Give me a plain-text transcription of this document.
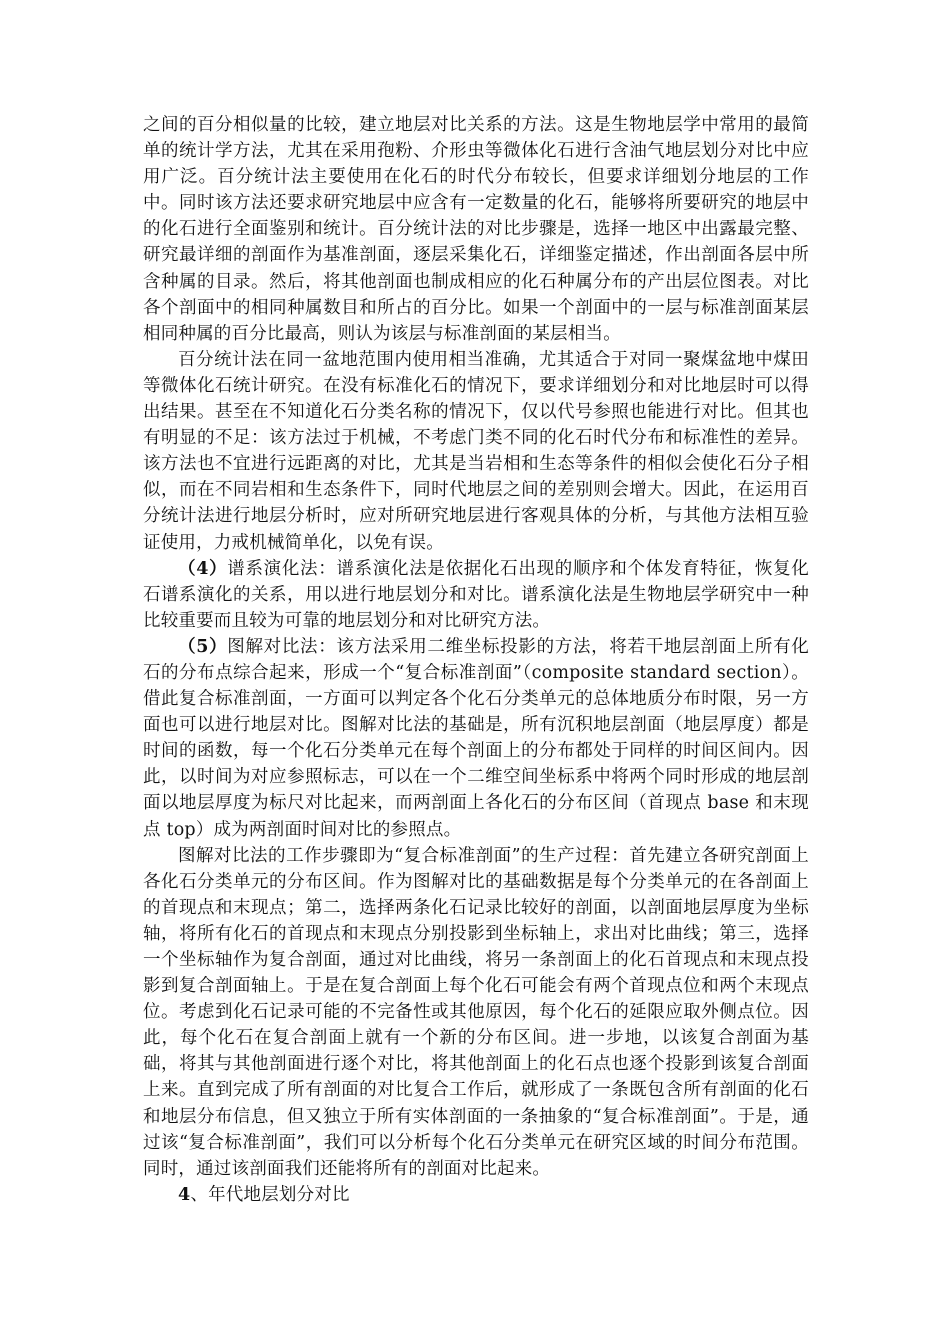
之间的百分相似量的比较，建立地层对比关系的方法。这是生物地层学中常用的最简单的统计学方法，尤其在采用孢粉、介形虫等微体化石进行含油气地层划分对比中应用广泛。百分统计法主要使用在化石的时代分布较长，但要求详细划分地层的工作中。同时该方法还要求研究地层中应含有一定数量的化石，能够将所要研究的地层中的化石进行全面鉴别和统计。百分统计法的对比步骤是，选择一地区中出露最完整、研究最详细的剖面作为基准剖面，逐层采集化石，详细鉴定描述，作出剖面各层中所含种属的目录。然后，将其他剖面也制成相应的化石种属分布的产出层位图表。对比各个剖面中的相同种属数目和所占的百分比。如果一个剖面中的一层与标准剖面某层相同种属的百分比最高，则认为该层与标准剖面的某层相当。

百分统计法在同一盆地范围内使用相当准确，尤其适合于对同一聚煤盆地中煤田等微体化石统计研究。在没有标准化石的情况下，要求详细划分和对比地层时可以得出结果。甚至在不知道化石分类名称的情况下，仅以代号参照也能进行对比。但其也有明显的不足：该方法过于机械，不考虑门类不同的化石时代分布和标准性的差异。该方法也不宜进行远距离的对比，尤其是当岩相和生态等条件的相似会使化石分子相似，而在不同岩相和生态条件下，同时代地层之间的差别则会增大。因此，在运用百分统计法进行地层分析时，应对所研究地层进行客观具体的分析，与其他方法相互验证使用，力戒机械简单化，以免有误。

（4）谱系演化法：谱系演化法是依据化石出现的顺序和个体发育特征，恢复化石谱系演化的关系，用以进行地层划分和对比。谱系演化法是生物地层学研究中一种比较重要而且较为可靠的地层划分和对比研究方法。

（5）图解对比法：该方法采用二维坐标投影的方法，将若干地层剖面上所有化石的分布点综合起来，形成一个“复合标准剖面”（composite standard section）。借此复合标准剖面，一方面可以判定各个化石分类单元的总体地质分布时限，另一方面也可以进行地层对比。图解对比法的基础是，所有沉积地层剖面（地层厚度）都是时间的函数，每一个化石分类单元在每个剖面上的分布都处于同样的时间区间内。因此，以时间为对应参照标志，可以在一个二维空间坐标系中将两个同时形成的地层剖面以地层厚度为标尺对比起来，而两剖面上各化石的分布区间（首现点 base 和末现点 top）成为两剖面时间对比的参照点。

图解对比法的工作步骤即为“复合标准剖面”的生产过程：首先建立各研究剖面上各化石分类单元的分布区间。作为图解对比的基础数据是每个分类单元的在各剖面上的首现点和末现点；第二，选择两条化石记录比较好的剖面，以剖面地层厚度为坐标轴，将所有化石的首现点和末现点分别投影到坐标轴上，求出对比曲线；第三，选择一个坐标轴作为复合剖面，通过对比曲线，将另一条剖面上的化石首现点和末现点投影到复合剖面轴上。于是在复合剖面上每个化石可能会有两个首现点位和两个末现点位。考虑到化石记录可能的不完备性或其他原因，每个化石的延限应取外侧点位。因此，每个化石在复合剖面上就有一个新的分布区间。进一步地，以该复合剖面为基础，将其与其他剖面进行逐个对比，将其他剖面上的化石点也逐个投影到该复合剖面上来。直到完成了所有剖面的对比复合工作后，就形成了一条既包含所有剖面的化石和地层分布信息，但又独立于所有实体剖面的一条抽象的“复合标准剖面”。于是，通过该“复合标准剖面”，我们可以分析每个化石分类单元在研究区域的时间分布范围。同时，通过该剖面我们还能将所有的剖面对比起来。

4、年代地层划分对比
